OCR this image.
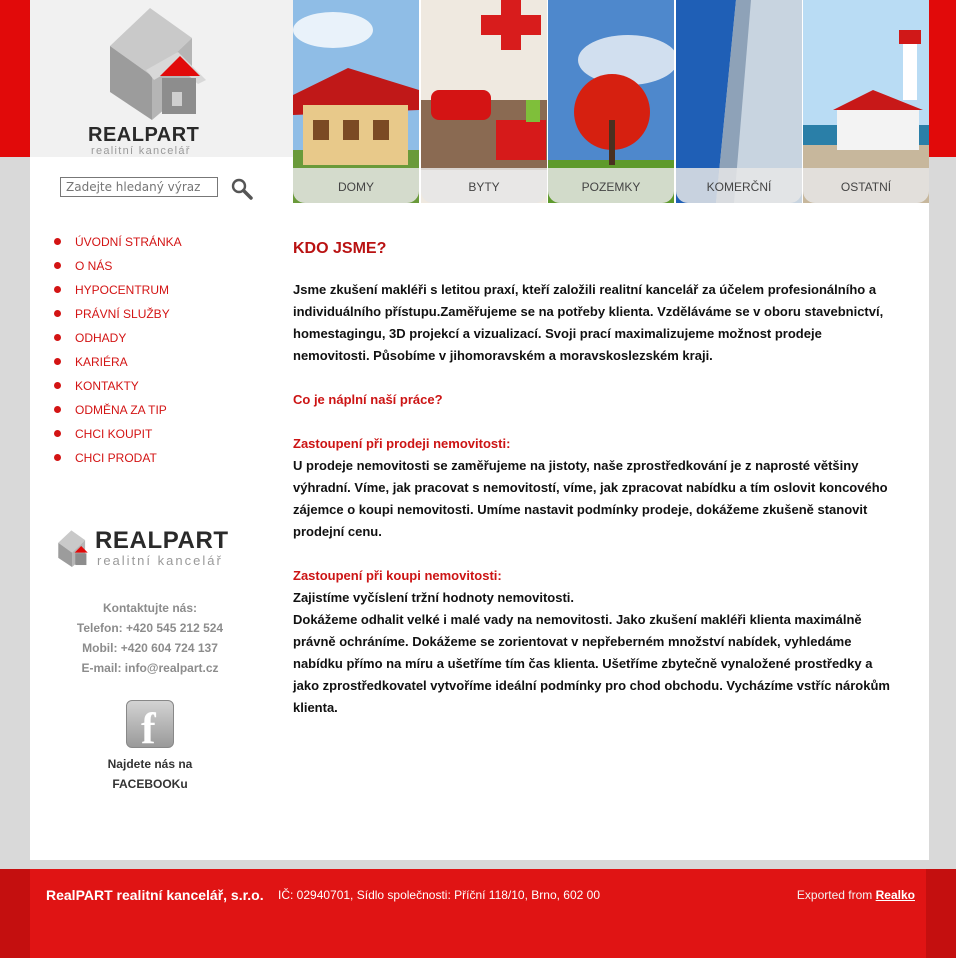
REALPART
realitní kancelář
Zadejte hledaný výraz
ÚVODNÍ STRÁNKA
O NÁS
HYPOCENTRUM
PRÁVNÍ SLUŽBY
ODHADY
KARIÉRA
KONTAKTY
ODMĚNA ZA TIP
CHCI KOUPIT
CHCI PRODAT
REALPART
realitní kancelář
Kontaktujte nás:
Telefon: +420 545 212 524
Mobil: +420 604 724 137
E-mail: info@realpart.cz
f
Najdete nás na
FACEBOOKu
DOMY	BYTY	POZEMKY	KOMERČNÍ	OSTATNÍ
KDO JSME?

Jsme zkušení makléři s letitou praxí, kteří založili realitní kancelář za účelem profesionálního a individuálního přístupu.Zaměřujeme se na potřeby klienta. Vzděláváme se v oboru stavebnictví, homestagingu, 3D projekcí a vizualizací. Svoji prací maximalizujeme možnost prodeje nemovitosti. Působíme v jihomoravském a moravskoslezském kraji.

Co je náplní naší práce?

Zastoupení při prodeji nemovitosti:

U prodeje nemovitosti se zaměřujeme na jistoty, naše zprostředkování je z naprosté většiny výhradní. Víme, jak pracovat s nemovitostí, víme, jak zpracovat nabídku a tím oslovit koncového zájemce o koupi nemovitosti. Umíme nastavit podmínky prodeje, dokážeme zkušeně stanovit prodejní cenu.

Zastoupení při koupi nemovitosti:

Zajistíme vyčíslení tržní hodnoty nemovitosti.

Dokážeme odhalit velké i malé vady na nemovitosti. Jako zkušení makléři klienta maximálně právně ochráníme. Dokážeme se zorientovat v nepřeberném množství nabídek, vyhledáme nabídku přímo na míru a ušetříme tím čas klienta. Ušetříme zbytečně vynaložené prostředky a jako zprostředkovatel vytvoříme ideální podmínky pro chod obchodu. Vycházíme vstříc nárokům klienta.

RealPART realitní kancelář, s.r.o. IČ: 02940701, Sídlo společnosti: Příční 118/10, Brno, 602 00	Exported from Realko
